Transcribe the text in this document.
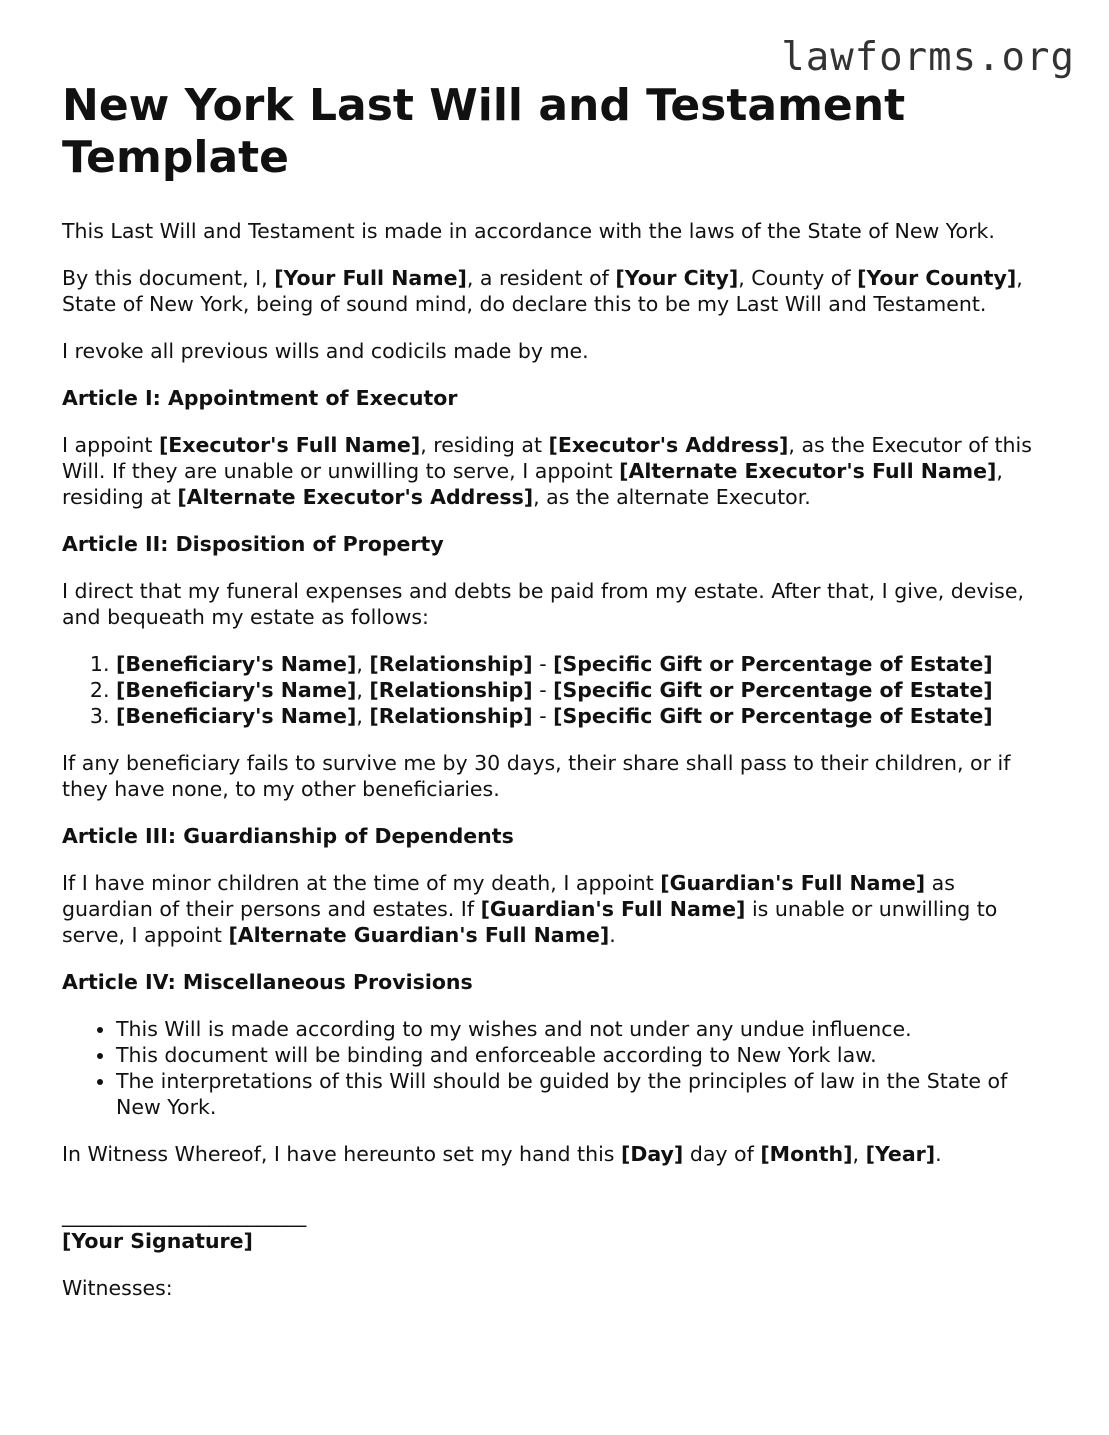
lawforms.org
New York Last Will and Testament Template

This Last Will and Testament is made in accordance with the laws of the State of New York.

By this document, I, [Your Full Name], a resident of [Your City], County of [Your County], State of New York, being of sound mind, do declare this to be my Last Will and Testament.

I revoke all previous wills and codicils made by me.

Article I: Appointment of Executor

I appoint [Executor's Full Name], residing at [Executor's Address], as the Executor of this Will. If they are unable or unwilling to serve, I appoint [Alternate Executor's Full Name], residing at [Alternate Executor's Address], as the alternate Executor.

Article II: Disposition of Property

I direct that my funeral expenses and debts be paid from my estate. After that, I give, devise, and bequeath my estate as follows:

1. [Beneficiary's Name], [Relationship] - [Specific Gift or Percentage of Estate]
2. [Beneficiary's Name], [Relationship] - [Specific Gift or Percentage of Estate]
3. [Beneficiary's Name], [Relationship] - [Specific Gift or Percentage of Estate]

If any beneficiary fails to survive me by 30 days, their share shall pass to their children, or if they have none, to my other beneficiaries.

Article III: Guardianship of Dependents

If I have minor children at the time of my death, I appoint [Guardian's Full Name] as guardian of their persons and estates. If [Guardian's Full Name] is unable or unwilling to serve, I appoint [Alternate Guardian's Full Name].

Article IV: Miscellaneous Provisions

• This Will is made according to my wishes and not under any undue influence.
• This document will be binding and enforceable according to New York law.
• The interpretations of this Will should be guided by the principles of law in the State of New York.

In Witness Whereof, I have hereunto set my hand this [Day] day of [Month], [Year].

_________________________

[Your Signature]

Witnesses:
